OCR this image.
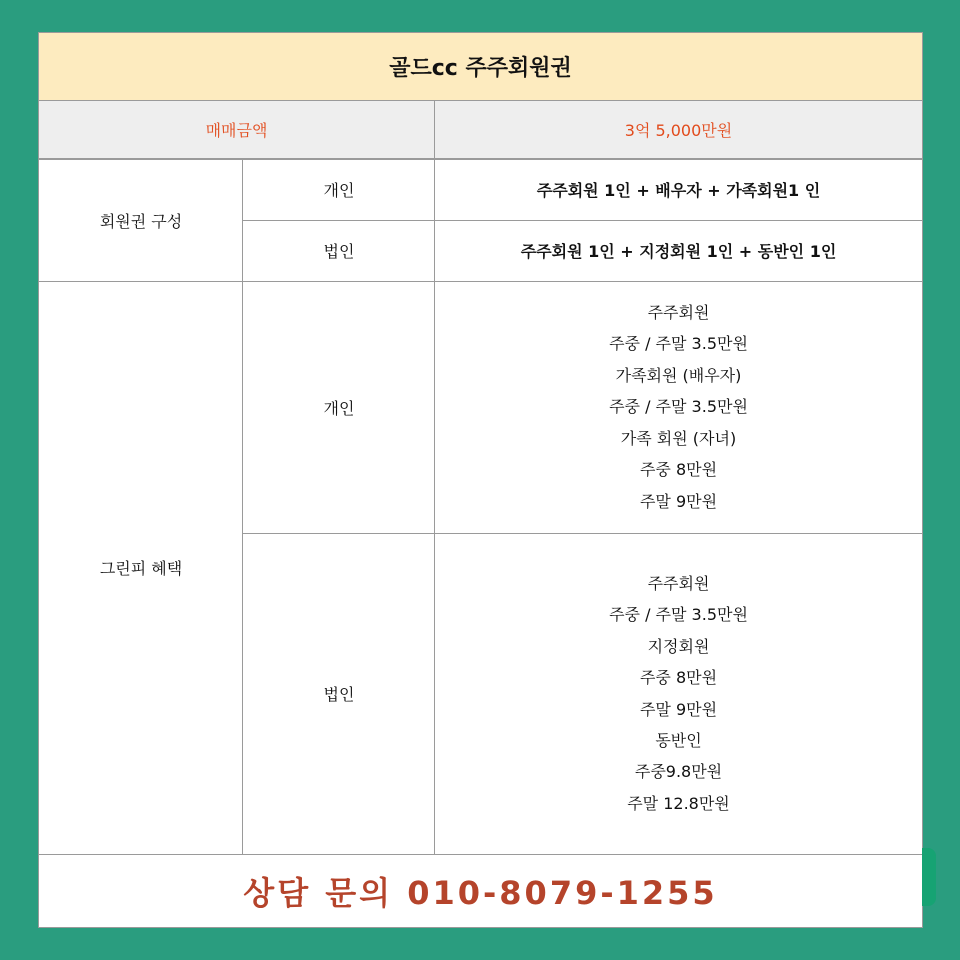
골드cc 주주회원권
매매금액	3억 5,000만원
회원권 구성
개인	주주회원 1인 + 배우자 + 가족회원1 인
법인	주주회원 1인 + 지정회원 1인 + 동반인 1인
그린피 혜택
개인
주주회원
주중 / 주말 3.5만원
가족회원 (배우자)
주중 / 주말 3.5만원
가족 회원 (자녀)
주중 8만원
주말 9만원
법인
주주회원
주중 / 주말 3.5만원
지정회원
주중 8만원
주말 9만원
동반인
주중9.8만원
주말 12.8만원
상담 문의 010-8079-1255
